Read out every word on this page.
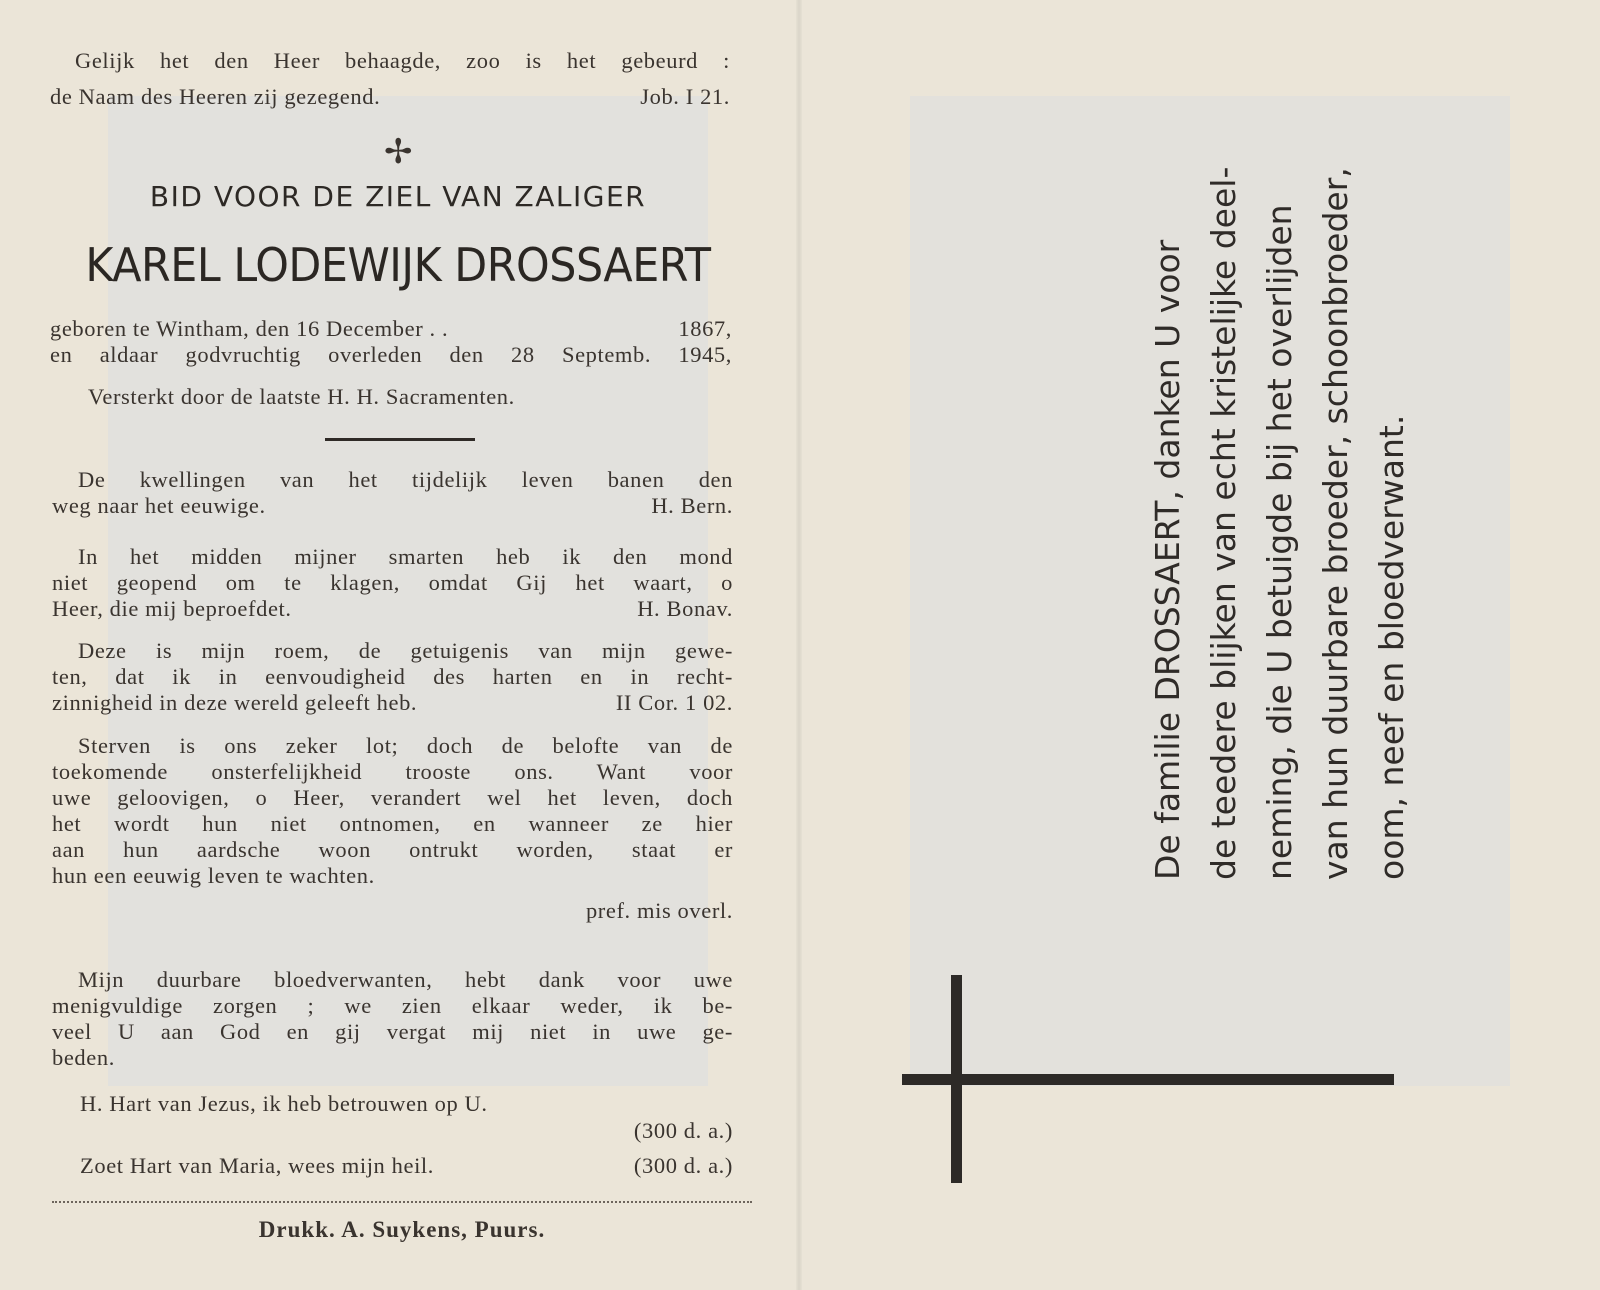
Gelijk het den Heer behaagde, zoo is het gebeurd :
de Naam des Heeren zij gezegend.	Job. I 21.
✢
BID VOOR DE ZIEL VAN ZALIGER
KAREL LODEWIJK DROSSAERT
geboren te Wintham, den 16 December . .	1867,
en aldaar godvruchtig overleden den 28 Septemb. 1945,
Versterkt door de laatste H. H. Sacramenten.
De kwellingen van het tijdelijk leven banen den
weg naar het eeuwige.	H. Bern.
In het midden mijner smarten heb ik den mond
niet geopend om te klagen, omdat Gij het waart, o
Heer, die mij beproefdet.	H. Bonav.
Deze is mijn roem, de getuigenis van mijn gewe-
ten, dat ik in eenvoudigheid des harten en in recht-
zinnigheid in deze wereld geleeft heb.	II Cor. 1 02.
Sterven is ons zeker lot; doch de belofte van de
toekomende onsterfelijkheid trooste ons. Want voor
uwe geloovigen, o Heer, verandert wel het leven, doch
het wordt hun niet ontnomen, en wanneer ze hier
aan hun aardsche woon ontrukt worden, staat er
hun een eeuwig leven te wachten.
pref. mis overl.
Mijn duurbare bloedverwanten, hebt dank voor uwe
menigvuldige zorgen ; we zien elkaar weder, ik be-
veel U aan God en gij vergat mij niet in uwe ge-
beden.
H. Hart van Jezus, ik heb betrouwen op U.
(300 d. a.)
Zoet Hart van Maria, wees mijn heil.	(300 d. a.)
Drukk. A. Suykens, Puurs.
De familie DROSSAERT, danken U voor de teedere blijken van echt kristelijke deel- neming, die U betuigde bij het overlijden van hun duurbare broeder, schoonbroeder, oom, neef en bloedverwant.
